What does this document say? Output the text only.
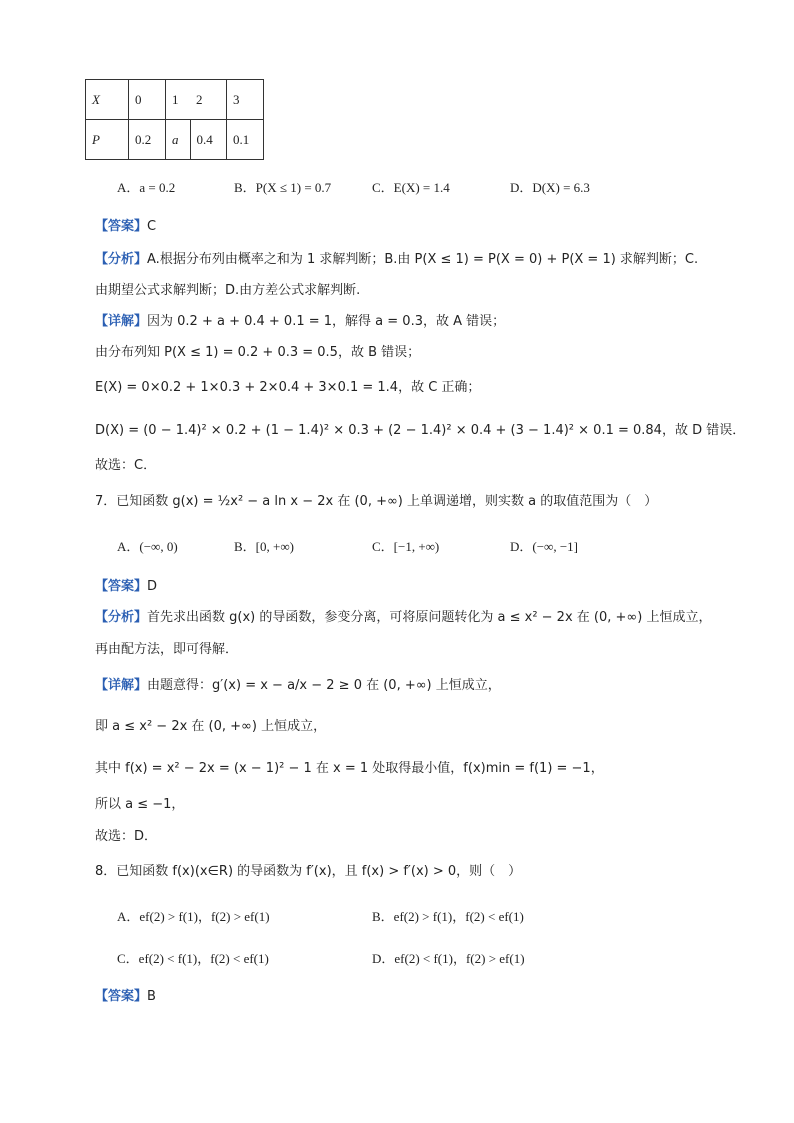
X	0	1	2	3
P	0.2	a	0.4	0.1
A．a = 0.2	B．P(X ≤ 1) = 0.7	C．E(X) = 1.4	D．D(X) = 6.3
【答案】C
【分析】A.根据分布列由概率之和为 1 求解判断；B.由 P(X ≤ 1) = P(X = 0) + P(X = 1) 求解判断；C.
由期望公式求解判断；D.由方差公式求解判断.
【详解】因为 0.2 + a + 0.4 + 0.1 = 1，解得 a = 0.3，故 A 错误；
由分布列知 P(X ≤ 1) = 0.2 + 0.3 = 0.5，故 B 错误；
E(X) = 0×0.2 + 1×0.3 + 2×0.4 + 3×0.1 = 1.4，故 C 正确；
D(X) = (0 − 1.4)² × 0.2 + (1 − 1.4)² × 0.3 + (2 − 1.4)² × 0.4 + (3 − 1.4)² × 0.1 = 0.84，故 D 错误．
故选：C．
7．已知函数 g(x) = ½x² − a ln x − 2x 在 (0, +∞) 上单调递增，则实数 a 的取值范围为（　）
A．(−∞, 0)	B．[0, +∞)	C．[−1, +∞)	D．(−∞, −1]
【答案】D
【分析】首先求出函数 g(x) 的导函数，参变分离，可将原问题转化为 a ≤ x² − 2x 在 (0, +∞) 上恒成立，
再由配方法，即可得解．
【详解】由题意得：g′(x) = x − a/x − 2 ≥ 0 在 (0, +∞) 上恒成立，
即 a ≤ x² − 2x 在 (0, +∞) 上恒成立，
其中 f(x) = x² − 2x = (x − 1)² − 1 在 x = 1 处取得最小值，f(x)min = f(1) = −1，
所以 a ≤ −1，
故选：D．
8．已知函数 f(x)(x∈R) 的导函数为 f′(x)，且 f(x) > f′(x) > 0，则（　）
A．ef(2) > f(1)，f(2) > ef(1)	B．ef(2) > f(1)，f(2) < ef(1)
C．ef(2) < f(1)，f(2) < ef(1)	D．ef(2) < f(1)，f(2) > ef(1)
【答案】B
